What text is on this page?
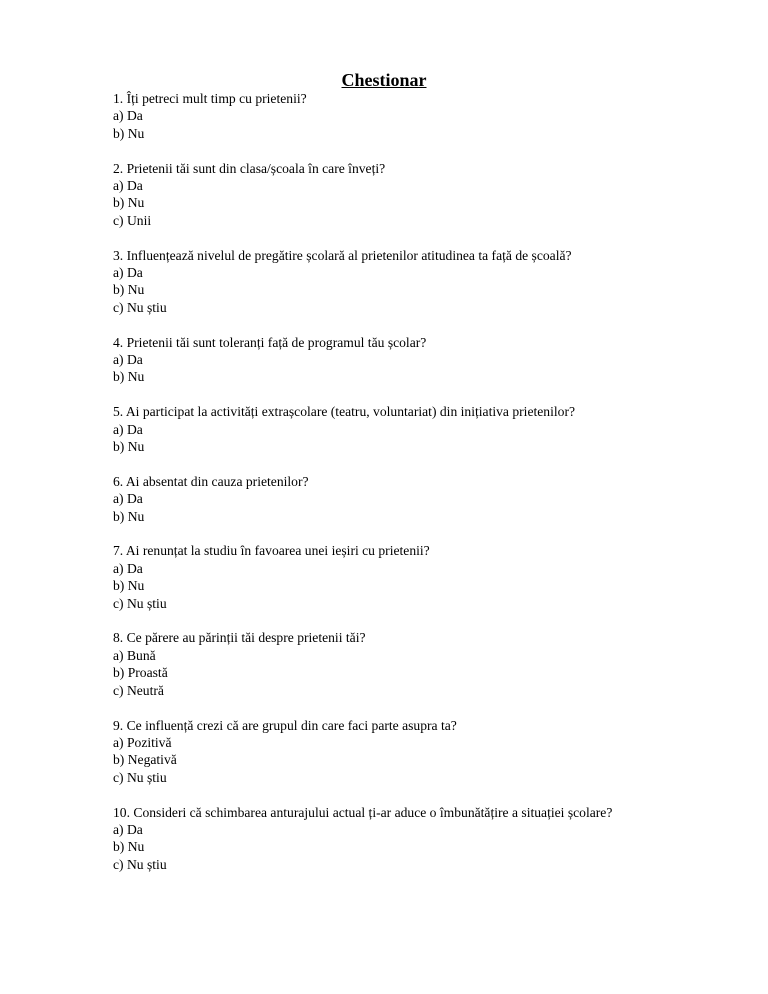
Chestionar
1. Îți petreci mult timp cu prietenii?
a) Da
b) Nu
2. Prietenii tăi sunt din clasa/școala în care înveți?
a) Da
b) Nu
c) Unii
3. Influențează nivelul de pregătire școlară al prietenilor atitudinea ta față de școală?
a) Da
b) Nu
c) Nu știu
4. Prietenii tăi sunt toleranți față de programul tău școlar?
a) Da
b) Nu
5. Ai participat la activități extrașcolare (teatru, voluntariat) din inițiativa prietenilor?
a) Da
b) Nu
6. Ai absentat din cauza prietenilor?
a) Da
b) Nu
7. Ai renunțat la studiu în favoarea unei ieșiri cu prietenii?
a) Da
b) Nu
c) Nu știu
8. Ce părere au părinții tăi despre prietenii tăi?
a) Bună
b) Proastă
c) Neutră
9. Ce influență crezi că are grupul din care faci parte asupra ta?
a) Pozitivă
b) Negativă
c) Nu știu
10. Consideri că schimbarea anturajului actual ți-ar aduce o îmbunătățire a situației școlare?
a) Da
b) Nu
c) Nu știu
